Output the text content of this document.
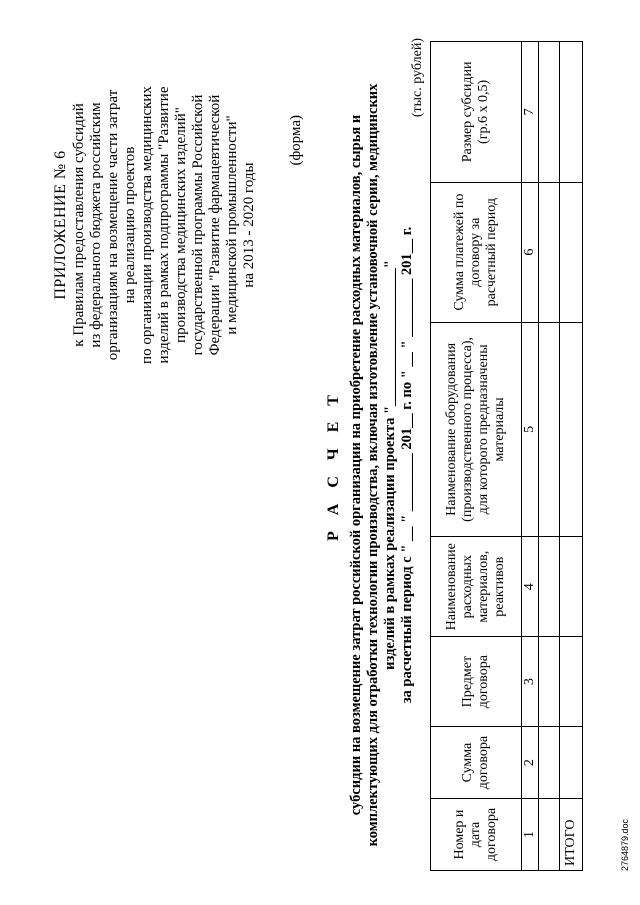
ПРИЛОЖЕНИЕ № 6 к Правилам предоставления субсидий из федерального бюджета российским организациям на возмещение части затрат на реализацию проектов по организации производства медицинских изделий в рамках подпрограммы "Развитие производства медицинских изделий" государственной программы Российской Федерации "Развитие фармацевтической и медицинской промышленности" на 2013 - 2020 годы
(форма)
Р А С Ч Е Т субсидии на возмещение затрат российской организации на приобретение расходных материалов, сырья и комплектующих для отработки технологии производства, включая изготовление установочной серии, медицинских изделий в рамках реализации проекта "___________________" за расчетный период с " __ " ________ 201__ г. по " __ " ________ 201__ г.
(тыс. рублей)
Номер и дата договора	Сумма договора	Предмет договора	Наименование расходных материалов, реактивов	Наименование оборудования (производственного процесса), для которого предназначены материалы	Сумма платежей по договору за расчетный период	Размер субсидии (гр.6 x 0,5)
1	2	3	4	5	6	7

ИТОГО							2764879.doc
